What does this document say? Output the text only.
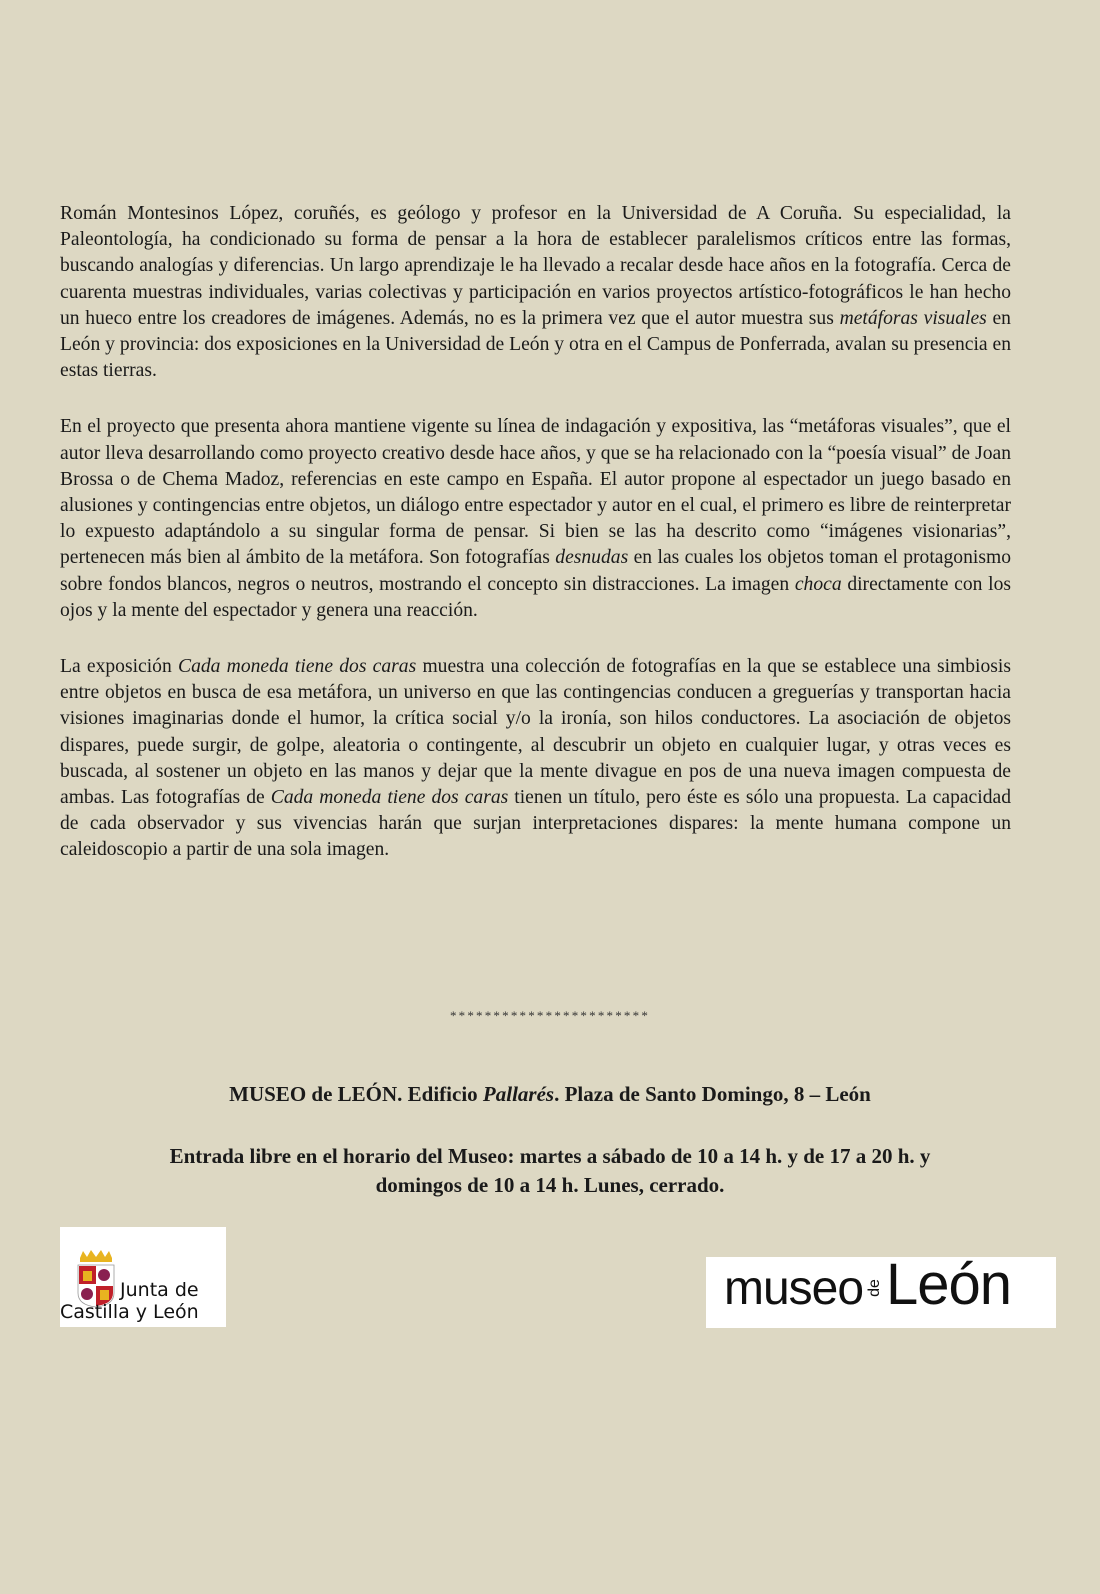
Román Montesinos López, coruñés, es geólogo y profesor en la Universidad de A Coruña. Su especialidad, la Paleontología, ha condicionado su forma de pensar a la hora de establecer paralelismos críticos entre las formas, buscando analogías y diferencias. Un largo aprendizaje le ha llevado a recalar desde hace años en la fotografía. Cerca de cuarenta muestras individuales, varias colectivas y participación en varios proyectos artístico-fotográficos le han hecho un hueco entre los creadores de imágenes. Además, no es la primera vez que el autor muestra sus metáforas visuales en León y provincia: dos exposiciones en la Universidad de León y otra en el Campus de Ponferrada, avalan su presencia en estas tierras.

En el proyecto que presenta ahora mantiene vigente su línea de indagación y expositiva, las “metáforas visuales”, que el autor lleva desarrollando como proyecto creativo desde hace años, y que se ha relacionado con la “poesía visual” de Joan Brossa o de Chema Madoz, referencias en este campo en España. El autor propone al espectador un juego basado en alusiones y contingencias entre objetos, un diálogo entre espectador y autor en el cual, el primero es libre de reinterpretar lo expuesto adaptándolo a su singular forma de pensar. Si bien se las ha descrito como “imágenes visionarias”, pertenecen más bien al ámbito de la metáfora. Son fotografías desnudas en las cuales los objetos toman el protagonismo sobre fondos blancos, negros o neutros, mostrando el concepto sin distracciones. La imagen choca directamente con los ojos y la mente del espectador y genera una reacción.

La exposición Cada moneda tiene dos caras muestra una colección de fotografías en la que se establece una simbiosis entre objetos en busca de esa metáfora, un universo en que las contingencias conducen a greguerías y transportan hacia visiones imaginarias donde el humor, la crítica social y/o la ironía, son hilos conductores. La asociación de objetos dispares, puede surgir, de golpe, aleatoria o contingente, al descubrir un objeto en cualquier lugar, y otras veces es buscada, al sostener un objeto en las manos y dejar que la mente divague en pos de una nueva imagen compuesta de ambas. Las fotografías de Cada moneda tiene dos caras tienen un título, pero éste es sólo una propuesta. La capacidad de cada observador y sus vivencias harán que surjan interpretaciones dispares: la mente humana compone un caleidoscopio a partir de una sola imagen.

***********************
MUSEO de LEÓN. Edificio Pallarés. Plaza de Santo Domingo, 8 – León
Entrada libre en el horario del Museo: martes a sábado de 10 a 14 h. y de 17 a 20 h. y
domingos de 10 a 14 h. Lunes, cerrado.
Junta de
Castilla y León	museo de León
